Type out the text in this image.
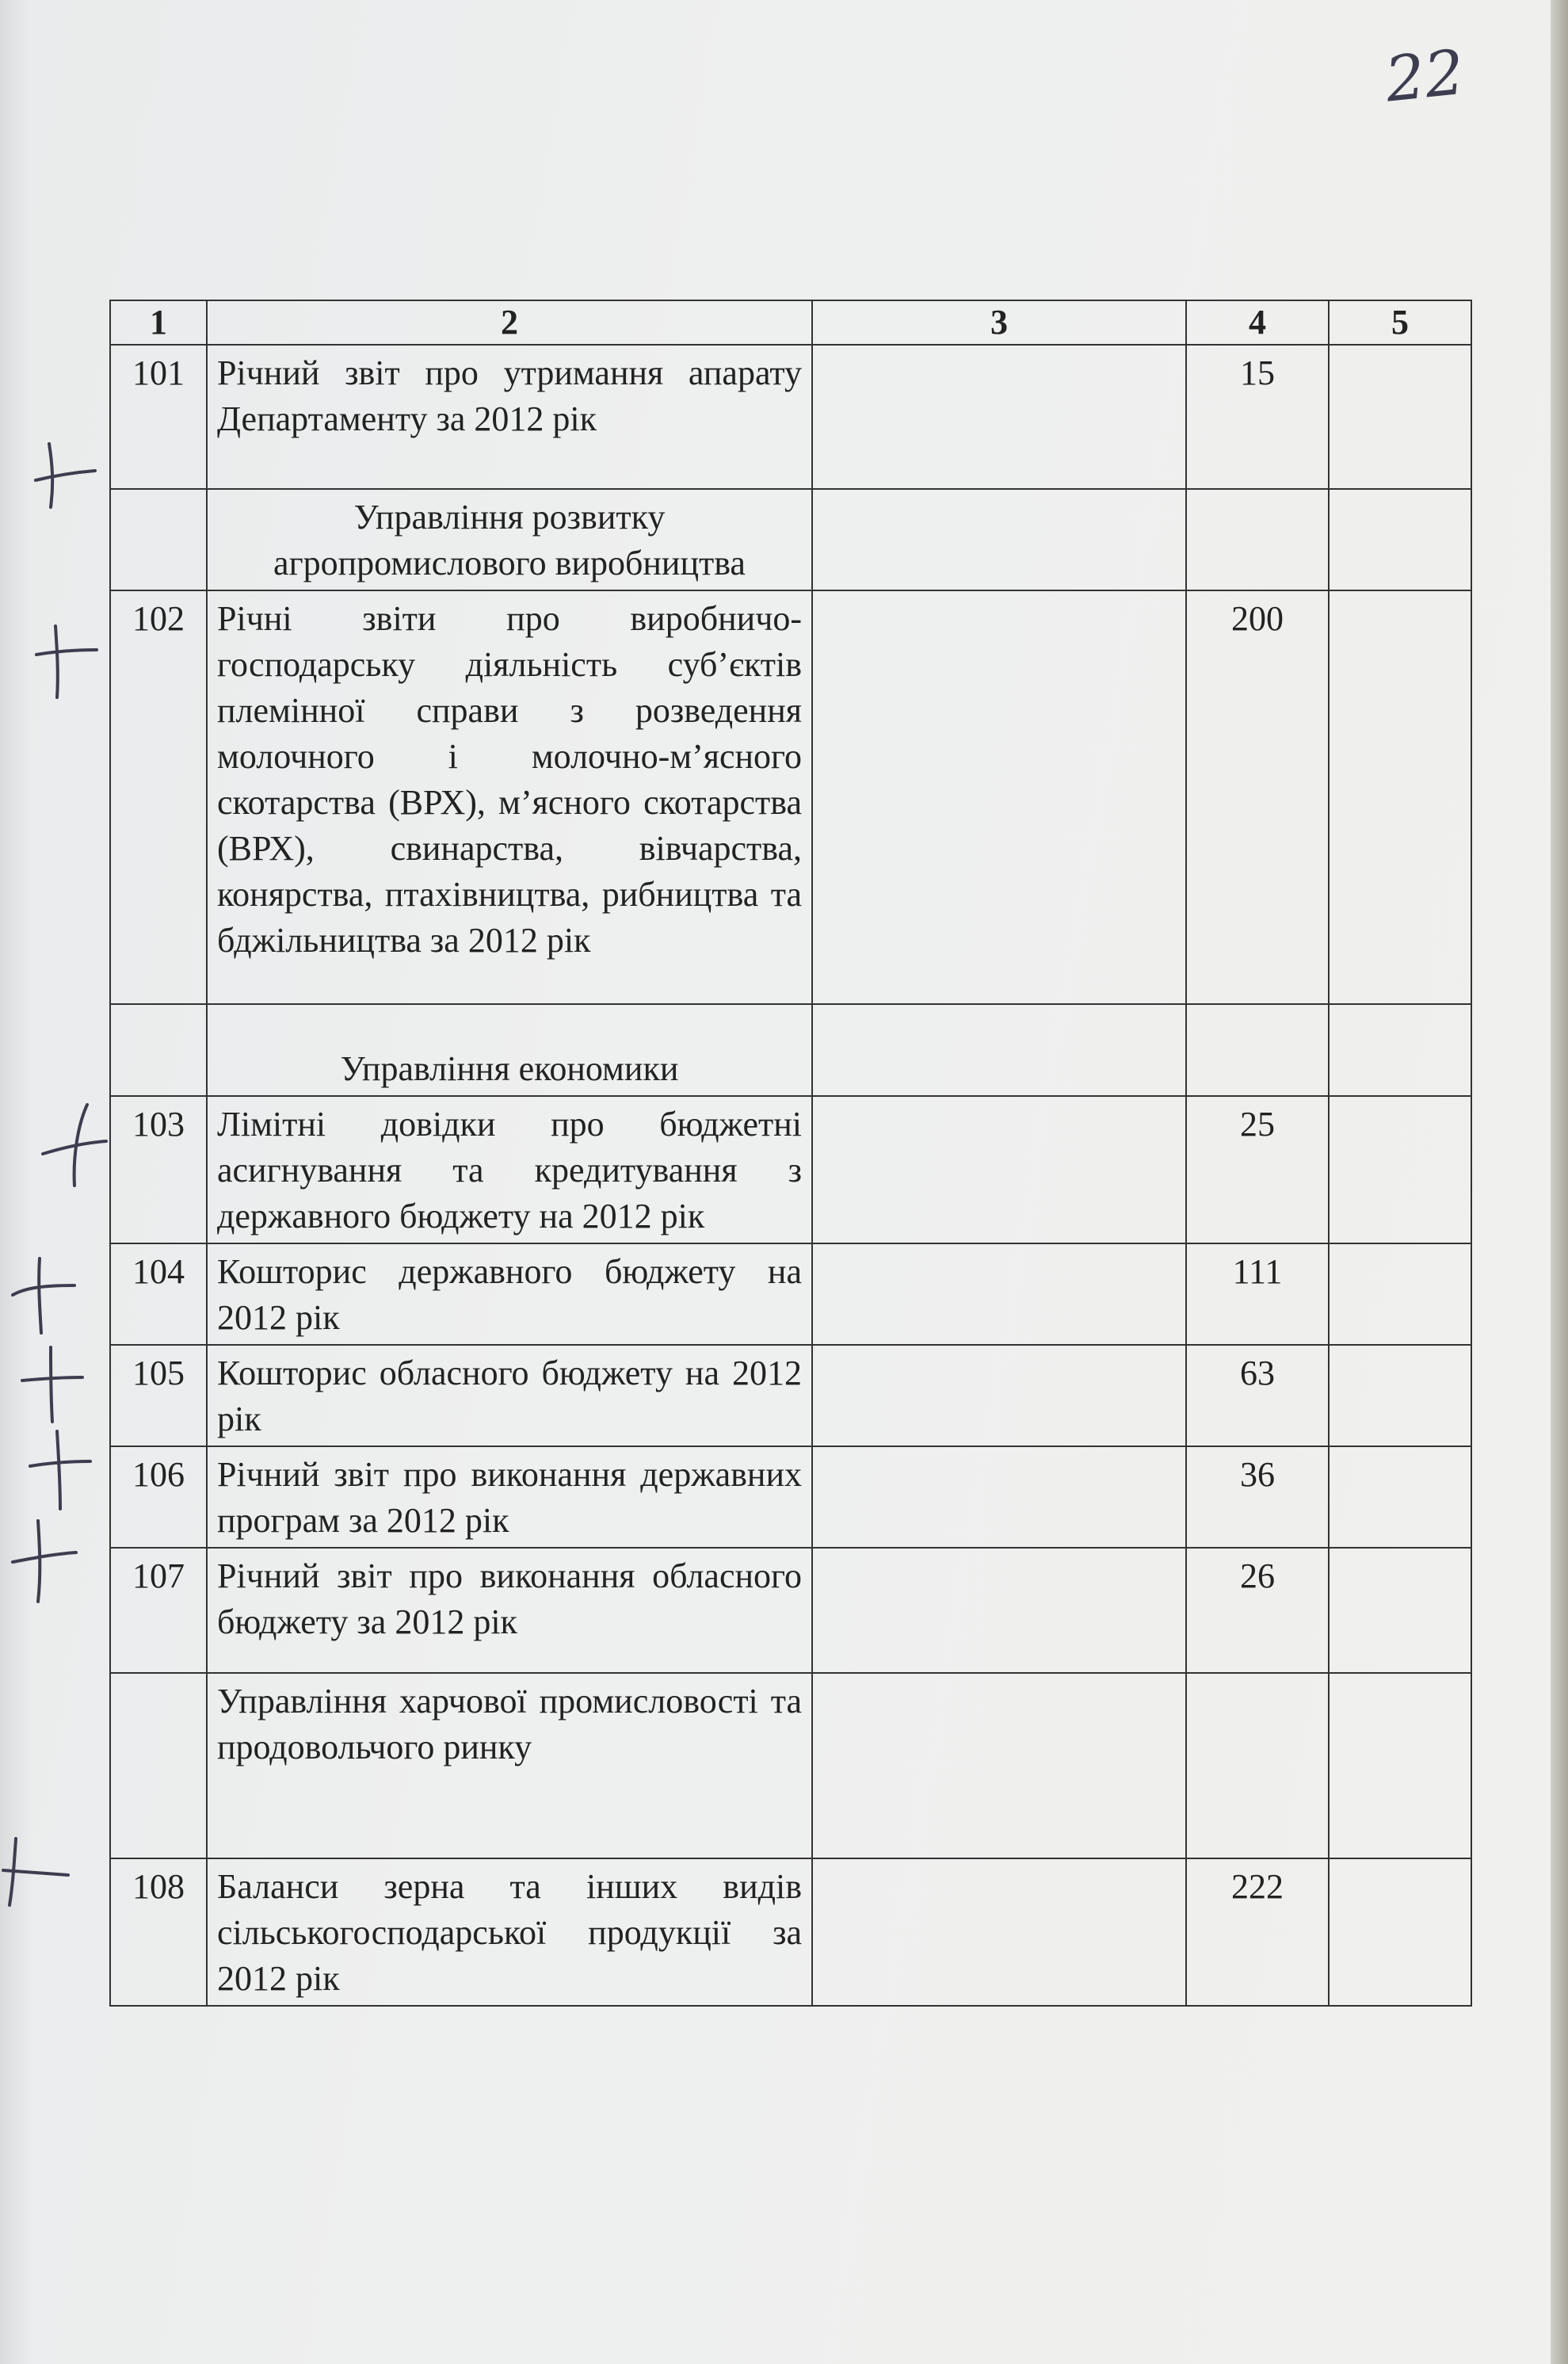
22
1	2	3	4	5
101	Річний звіт про утримання апарату Департаменту за 2012 рік		15	
	Управління розвитку агропромислового виробництва			
102	Річні звіти про виробничо-господарську діяльність суб’єктів племінної справи з розведення молочного і молочно-м’ясного скотарства (ВРХ), м’ясного скотарства (ВРХ), свинарства, вівчарства, конярства, птахівництва, рибництва та бджільництва за 2012 рік		200	
	Управління економики			
103	Лімітні довідки про бюджетні асигнування та кредитування з державного бюджету на 2012 рік		25	
104	Кошторис державного бюджету на 2012 рік		111	
105	Кошторис обласного бюджету на 2012 рік		63	
106	Річний звіт про виконання державних програм за 2012 рік		36	
107	Річний звіт про виконання обласного бюджету за 2012 рік		26	
	Управління харчової промисловості та продовольчого ринку			
108	Баланси зерна та інших видів сільськогосподарської продукції за 2012 рік		222	
